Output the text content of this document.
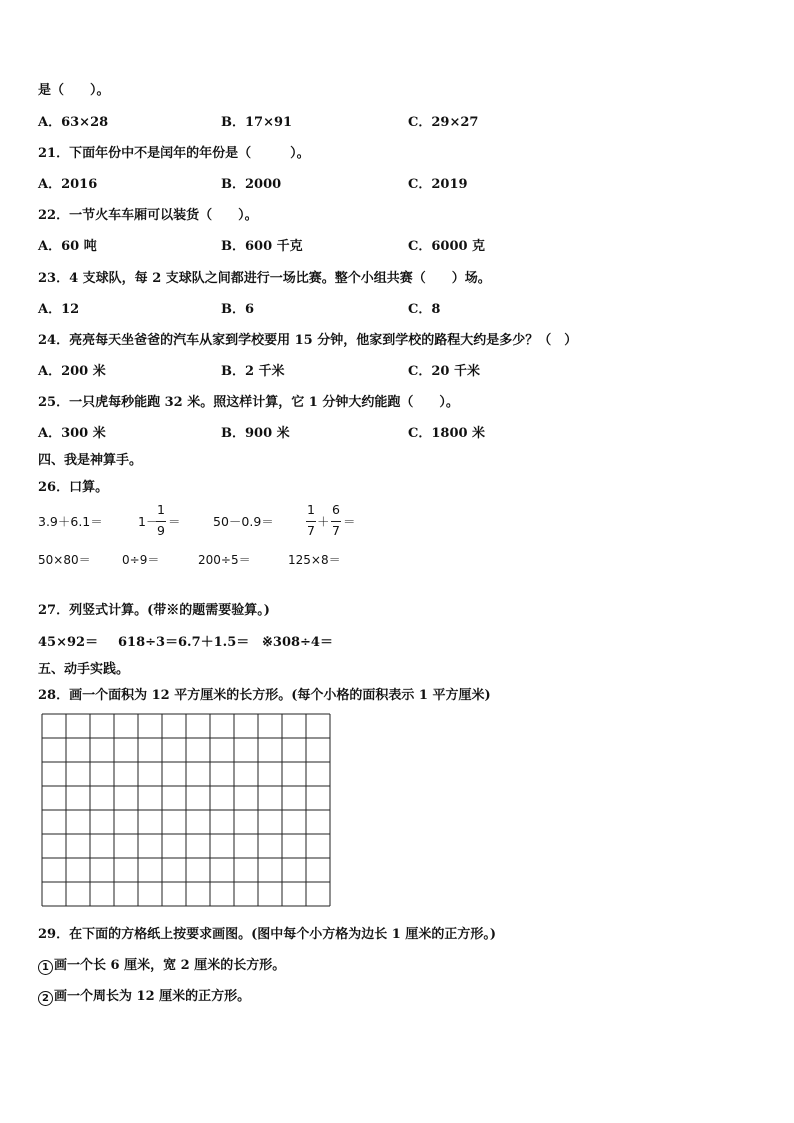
是（　　）。
A．63×28	B．17×91	C．29×27
21．下面年份中不是闰年的年份是（　　　）。
A．2016	B．2000	C．2019
22．一节火车车厢可以装货（　　）。
A．60 吨	B．600 千克	C．6000 克
23．4 支球队，每 2 支球队之间都进行一场比赛。整个小组共赛（　　）场。
A．12	B．6	C．8
24．亮亮每天坐爸爸的汽车从家到学校要用 15 分钟，他家到学校的路程大约是多少？（　）
A．200 米	B．2 千米	C．20 千米
25．一只虎每秒能跑 32 米。照这样计算，它 1 分钟大约能跑（　　）。
A．300 米	B．900 米	C．1800 米
四、我是神算手。
26．口算。
3.9＋6.1＝	1－
1
9
＝	50－0.9＝
1
7
＋
6
7
＝
50×80＝	0÷9＝	200÷5＝	125×8＝
27．列竖式计算。(带※的题需要验算。)
45×92＝ 618÷3＝ 6.7＋1.5＝ ※308÷4＝
五、动手实践。
28．画一个面积为 12 平方厘米的长方形。(每个小格的面积表示 1 平方厘米)
29．在下面的方格纸上按要求画图。(图中每个小方格为边长 1 厘米的正方形。)
1 画一个长 6 厘米，宽 2 厘米的长方形。
2 画一个周长为 12 厘米的正方形。
